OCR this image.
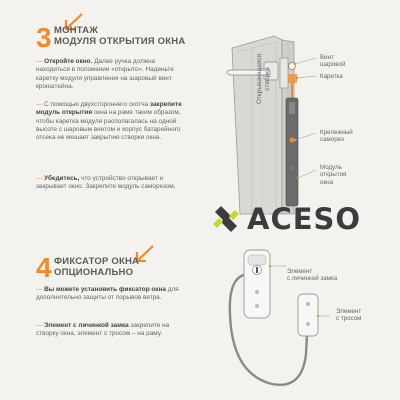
3 МОНТАЖ
МОДУЛЯ ОТКРЫТИЯ ОКНА
— Откройте окно. Далее ручка должна находиться в положении «открыто». Наденьте каретку модуля управления на шаровый винт кронштейна.
— С помощью двухстороннего скотча закрепите модуль открытия окна на раме таким образом, чтобы каретка модуля располагалась на одной высоте с шаровым винтом и корпус батарейного отсека не мешает закрытию створки окна.
— Убедитесь, что устройство открывает и закрывает окно. Закрепите модуль саморезом.
Открывающаяся створка
Винт
шаровой
Каретка
Крепежный
саморез
Модуль
открытия
окна
ACESO
4 ФИКСАТОР ОКНА
ОПЦИОНАЛЬНО
— Вы можете установить фиксатор окна для дополнительно защиты от порывов ветра.
— Элемент с личинкой замка закрепите на створку окна, элемент с тросом – на раму.
Элемент
с личинкой замка
Элемент
с тросом
